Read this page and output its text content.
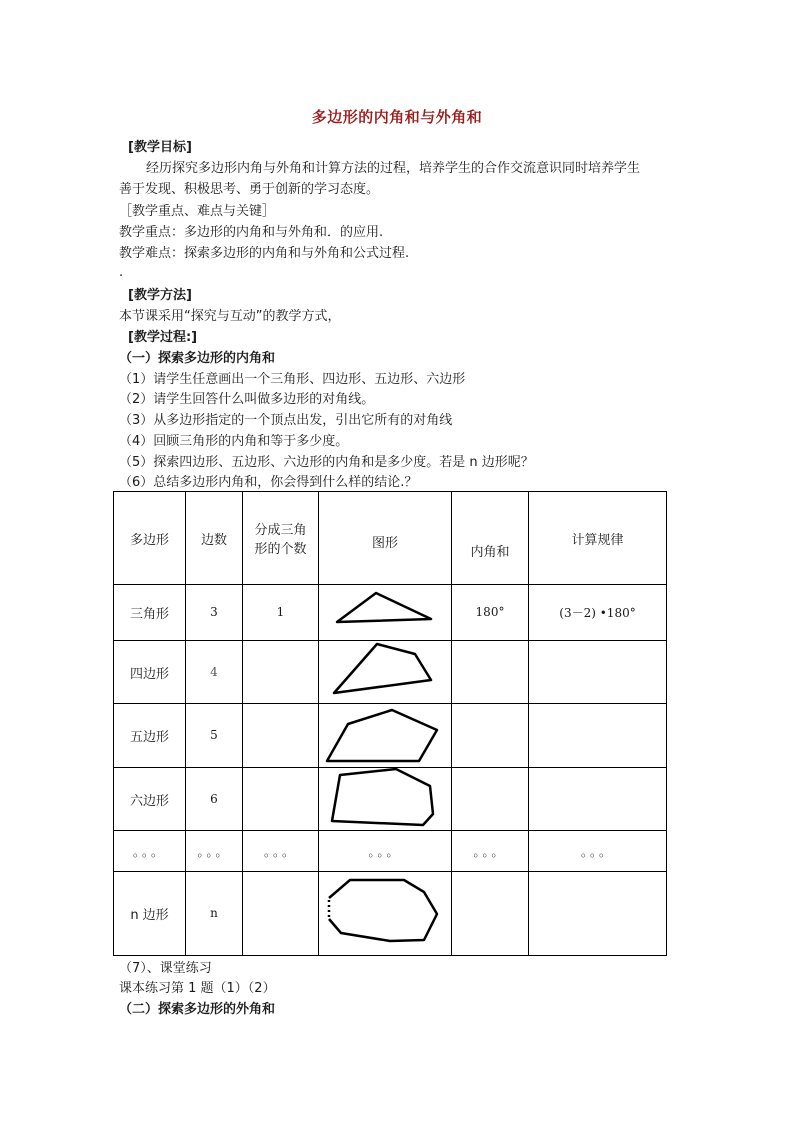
多边形的内角和与外角和
[教学目标]
经历探究多边形内角与外角和计算方法的过程，培养学生的合作交流意识同时培养学生
善于发现、积极思考、勇于创新的学习态度。
［教学重点、难点与关键］
教学重点：多边形的内角和与外角和．的应用.
教学难点：探索多边形的内角和与外角和公式过程.
.
[教学方法]
本节课采用“探究与互动”的教学方式，
[教学过程:]
（一）探索多边形的内角和
（1）请学生任意画出一个三角形、四边形、五边形、六边形
（2）请学生回答什么叫做多边形的对角线。
（3）从多边形指定的一个顶点出发，引出它所有的对角线
（4）回顾三角形的内角和等于多少度。
（5）探索四边形、五边形、六边形的内角和是多少度。若是 n 边形呢？
（6）总结多边形内角和，你会得到什么样的结论.？
多边形	边数	分成三角
形的个数	图形	内角和	计算规律
三角形	3	1		180°	(3－2) •180°
四边形	4		

五边形	5		

六边形	6		

。。。	。。。	。。。	。。。	。。。	。。。
n 边形	n		

（7）、课堂练习
课本练习第 1 题（1）（2）
（二）探索多边形的外角和
